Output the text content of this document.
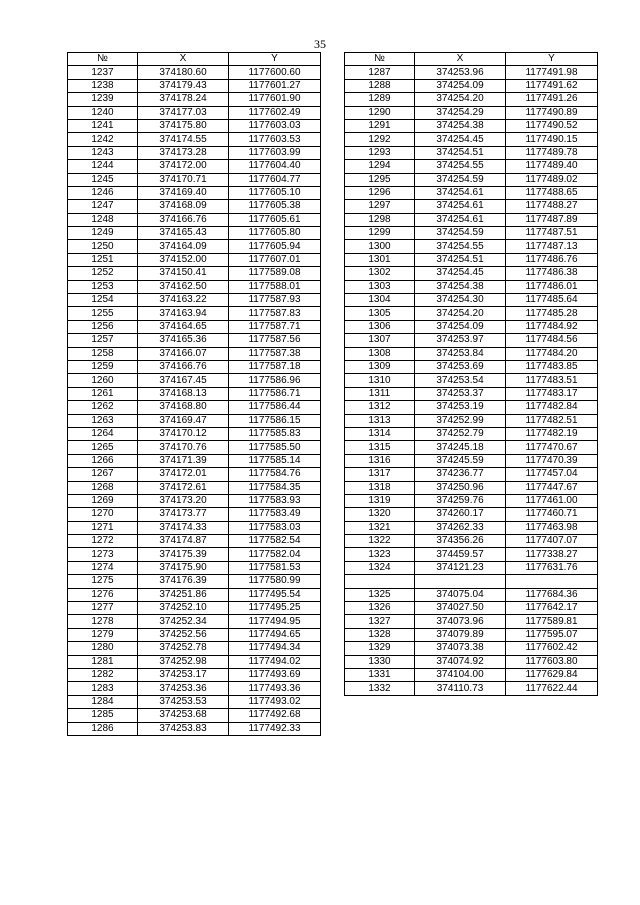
35
№	X	Y
1237	374180.60	1177600.60
1238	374179.43	1177601.27
1239	374178.24	1177601.90
1240	374177.03	1177602.49
1241	374175.80	1177603.03
1242	374174.55	1177603.53
1243	374173.28	1177603.99
1244	374172.00	1177604.40
1245	374170.71	1177604.77
1246	374169.40	1177605.10
1247	374168.09	1177605.38
1248	374166.76	1177605.61
1249	374165.43	1177605.80
1250	374164.09	1177605.94
1251	374152.00	1177607.01
1252	374150.41	1177589.08
1253	374162.50	1177588.01
1254	374163.22	1177587.93
1255	374163.94	1177587.83
1256	374164.65	1177587.71
1257	374165.36	1177587.56
1258	374166.07	1177587.38
1259	374166.76	1177587.18
1260	374167.45	1177586.96
1261	374168.13	1177586.71
1262	374168.80	1177586.44
1263	374169.47	1177586.15
1264	374170.12	1177585.83
1265	374170.76	1177585.50
1266	374171.39	1177585.14
1267	374172.01	1177584.76
1268	374172.61	1177584.35
1269	374173.20	1177583.93
1270	374173.77	1177583.49
1271	374174.33	1177583.03
1272	374174.87	1177582.54
1273	374175.39	1177582.04
1274	374175.90	1177581.53
1275	374176.39	1177580.99
1276	374251.86	1177495.54
1277	374252.10	1177495.25
1278	374252.34	1177494.95
1279	374252.56	1177494.65
1280	374252.78	1177494.34
1281	374252.98	1177494.02
1282	374253.17	1177493.69
1283	374253.36	1177493.36
1284	374253.53	1177493.02
1285	374253.68	1177492.68
1286	374253.83	1177492.33
№	X	Y
1287	374253.96	1177491.98
1288	374254.09	1177491.62
1289	374254.20	1177491.26
1290	374254.29	1177490.89
1291	374254.38	1177490.52
1292	374254.45	1177490.15
1293	374254.51	1177489.78
1294	374254.55	1177489.40
1295	374254.59	1177489.02
1296	374254.61	1177488.65
1297	374254.61	1177488.27
1298	374254.61	1177487.89
1299	374254.59	1177487.51
1300	374254.55	1177487.13
1301	374254.51	1177486.76
1302	374254.45	1177486.38
1303	374254.38	1177486.01
1304	374254.30	1177485.64
1305	374254.20	1177485.28
1306	374254.09	1177484.92
1307	374253.97	1177484.56
1308	374253.84	1177484.20
1309	374253.69	1177483.85
1310	374253.54	1177483.51
1311	374253.37	1177483.17
1312	374253.19	1177482.84
1313	374252.99	1177482.51
1314	374252.79	1177482.19
1315	374245.18	1177470.67
1316	374245.59	1177470.39
1317	374236.77	1177457.04
1318	374250.96	1177447.67
1319	374259.76	1177461.00
1320	374260.17	1177460.71
1321	374262.33	1177463.98
1322	374356.26	1177407.07
1323	374459.57	1177338.27
1324	374121.23	1177631.76

1325	374075.04	1177684.36
1326	374027.50	1177642.17
1327	374073.96	1177589.81
1328	374079.89	1177595.07
1329	374073.38	1177602.42
1330	374074.92	1177603.80
1331	374104.00	1177629.84
1332	374110.73	1177622.44
